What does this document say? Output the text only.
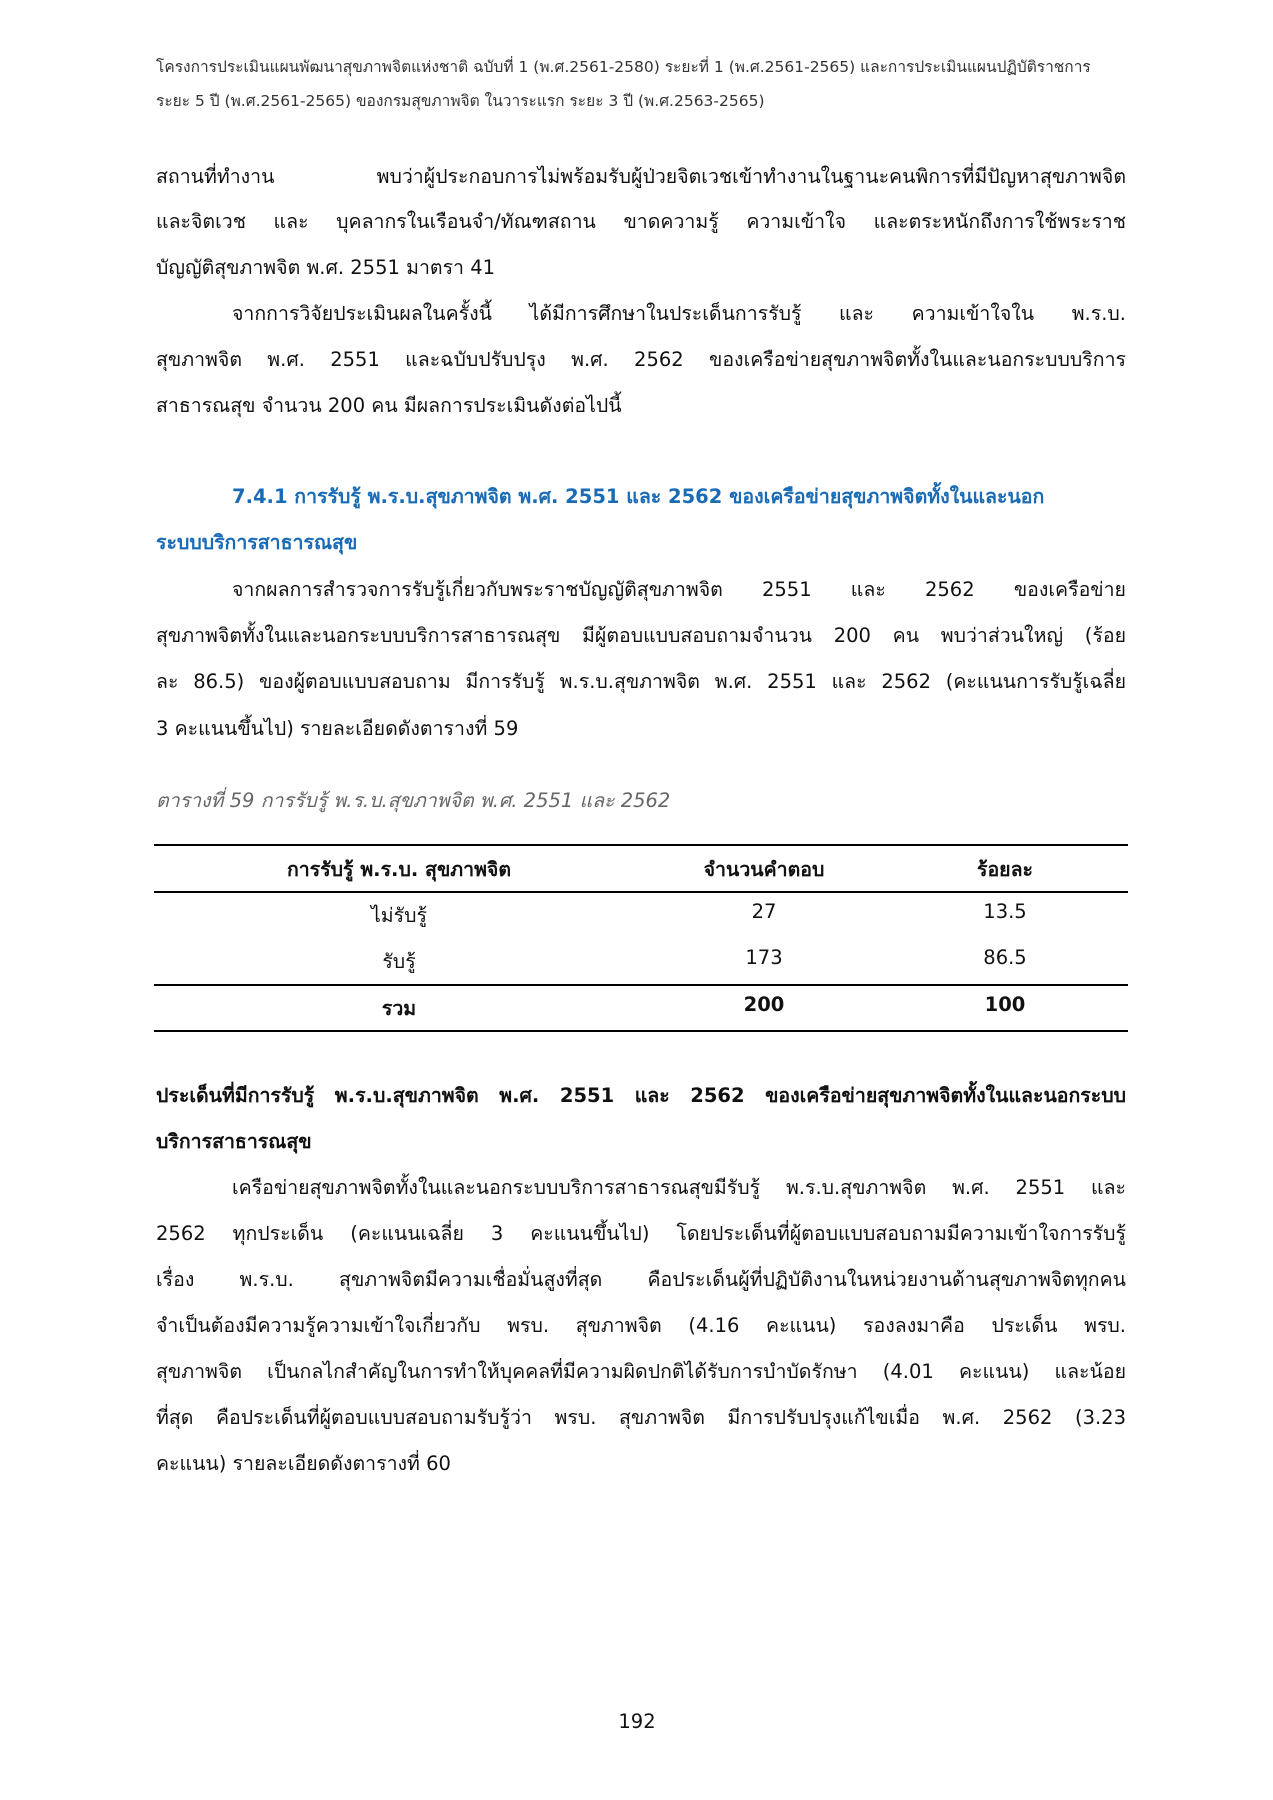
โครงการประเมินแผนพัฒนาสุขภาพจิตแห่งชาติ ฉบับที่ 1 (พ.ศ.2561-2580) ระยะที่ 1 (พ.ศ.2561-2565) และการประเมินแผนปฏิบัติราชการ
ระยะ 5 ปี (พ.ศ.2561-2565) ของกรมสุขภาพจิต ในวาระแรก ระยะ 3 ปี (พ.ศ.2563-2565)
สถานที่ทำงาน พบว่าผู้ประกอบการไม่พร้อมรับผู้ป่วยจิตเวชเข้าทำงานในฐานะคนพิการที่มีปัญหาสุขภาพจิต
และจิตเวช และ บุคลากรในเรือนจำ/ทัณฑสถาน ขาดความรู้ ความเข้าใจ และตระหนักถึงการใช้พระราช
บัญญัติสุขภาพจิต พ.ศ. 2551 มาตรา 41
จากการวิจัยประเมินผลในครั้งนี้ ได้มีการศึกษาในประเด็นการรับรู้ และ ความเข้าใจใน พ.ร.บ.
สุขภาพจิต พ.ศ. 2551 และฉบับปรับปรุง พ.ศ. 2562 ของเครือข่ายสุขภาพจิตทั้งในและนอกระบบบริการ
สาธารณสุข จำนวน 200 คน มีผลการประเมินดังต่อไปนี้
7.4.1 การรับรู้ พ.ร.บ.สุขภาพจิต พ.ศ. 2551 และ 2562 ของเครือข่ายสุขภาพจิตทั้งในและนอก
ระบบบริการสาธารณสุข
จากผลการสำรวจการรับรู้เกี่ยวกับพระราชบัญญัติสุขภาพจิต 2551 และ 2562 ของเครือข่าย
สุขภาพจิตทั้งในและนอกระบบบริการสาธารณสุข มีผู้ตอบแบบสอบถามจำนวน 200 คน พบว่าส่วนใหญ่ (ร้อย
ละ 86.5) ของผู้ตอบแบบสอบถาม มีการรับรู้ พ.ร.บ.สุขภาพจิต พ.ศ. 2551 และ 2562 (คะแนนการรับรู้เฉลี่ย
3 คะแนนขึ้นไป) รายละเอียดดังตารางที่ 59
ตารางที่ 59 การรับรู้ พ.ร.บ.สุขภาพจิต พ.ศ. 2551 และ 2562
การรับรู้ พ.ร.บ. สุขภาพจิต	จำนวนคำตอบ	ร้อยละ
ไม่รับรู้	27	13.5
รับรู้	173	86.5
รวม	200	100
ประเด็นที่มีการรับรู้ พ.ร.บ.สุขภาพจิต พ.ศ. 2551 และ 2562 ของเครือข่ายสุขภาพจิตทั้งในและนอกระบบ
บริการสาธารณสุข
เครือข่ายสุขภาพจิตทั้งในและนอกระบบบริการสาธารณสุขมีรับรู้ พ.ร.บ.สุขภาพจิต พ.ศ. 2551 และ
2562 ทุกประเด็น (คะแนนเฉลี่ย 3 คะแนนขึ้นไป) โดยประเด็นที่ผู้ตอบแบบสอบถามมีความเข้าใจการรับรู้
เรื่อง พ.ร.บ. สุขภาพจิตมีความเชื่อมั่นสูงที่สุด คือประเด็นผู้ที่ปฏิบัติงานในหน่วยงานด้านสุขภาพจิตทุกคน
จำเป็นต้องมีความรู้ความเข้าใจเกี่ยวกับ พรบ. สุขภาพจิต (4.16 คะแนน) รองลงมาคือ ประเด็น พรบ.
สุขภาพจิต เป็นกลไกสำคัญในการทำให้บุคคลที่มีความผิดปกติได้รับการบำบัดรักษา (4.01 คะแนน) และน้อย
ที่สุด คือประเด็นที่ผู้ตอบแบบสอบถามรับรู้ว่า พรบ. สุขภาพจิต มีการปรับปรุงแก้ไขเมื่อ พ.ศ. 2562 (3.23
คะแนน) รายละเอียดดังตารางที่ 60
192
